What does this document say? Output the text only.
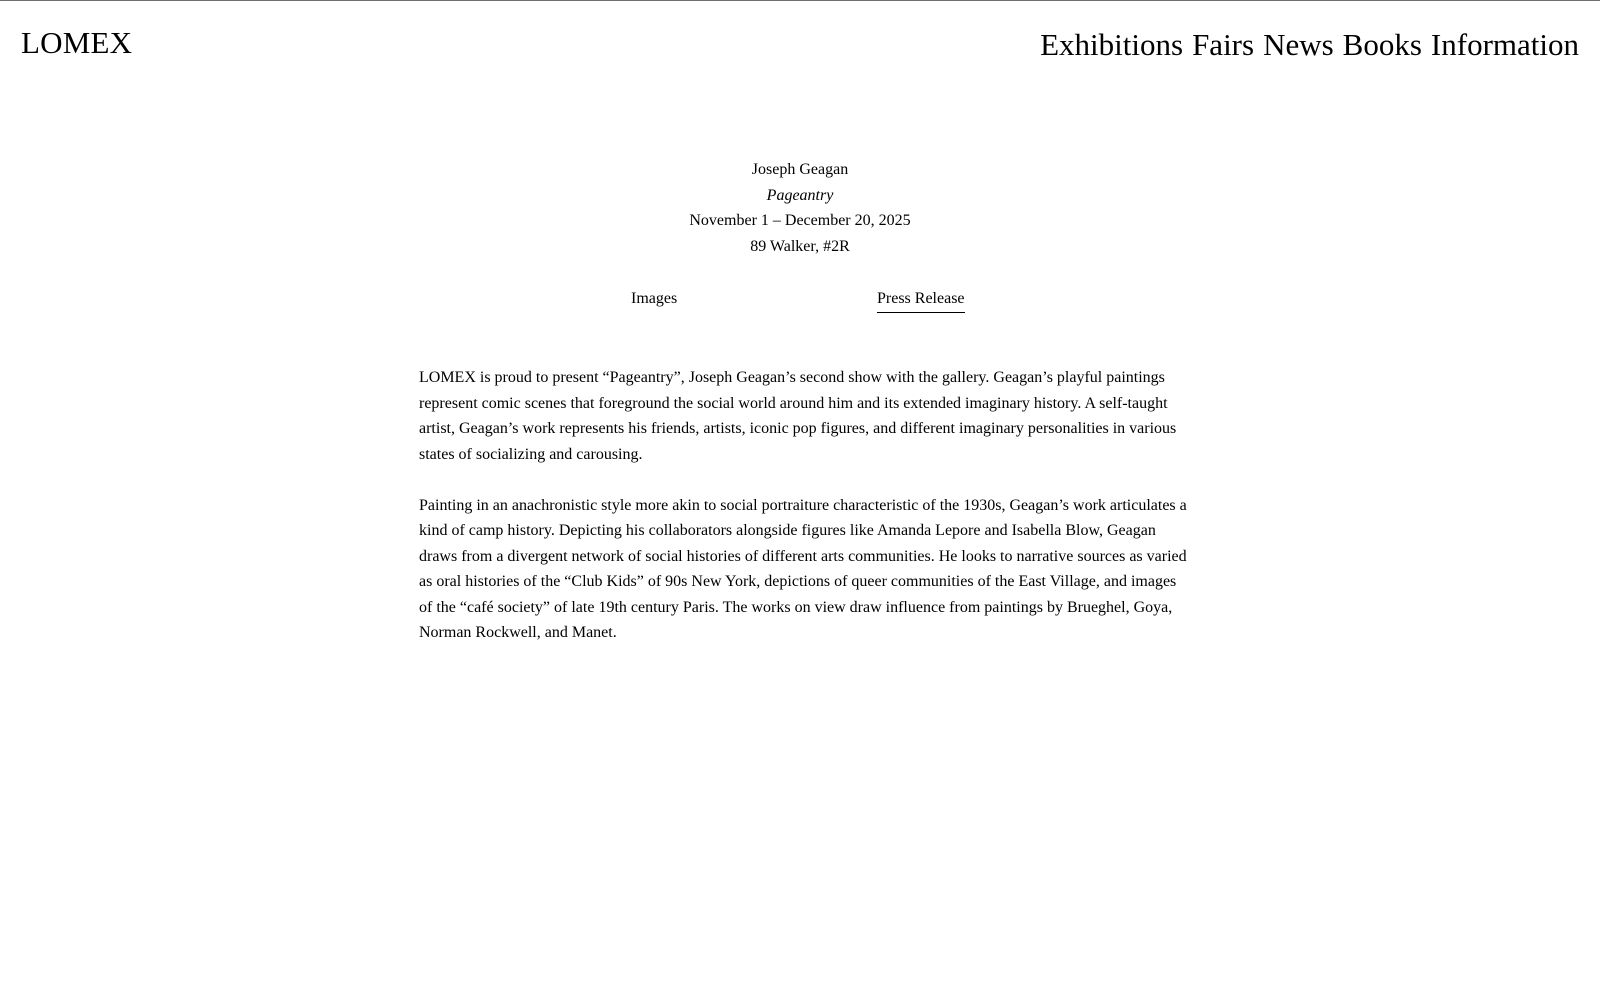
LOMEX	Exhibitions Fairs News Books Information
Joseph Geagan
Pageantry
November 1 – December 20, 2025
89 Walker, #2R
Images	Press Release

LOMEX is proud to present “Pageantry”, Joseph Geagan’s second show with the gallery. Geagan’s playful paintings represent comic scenes that foreground the social world around him and its extended imaginary history. A self-taught artist, Geagan’s work represents his friends, artists, iconic pop figures, and different imaginary personalities in various states of socializing and carousing.

Painting in an anachronistic style more akin to social portraiture characteristic of the 1930s, Geagan’s work articulates a kind of camp history. Depicting his collaborators alongside figures like Amanda Lepore and Isabella Blow, Geagan draws from a divergent network of social histories of different arts communities. He looks to narrative sources as varied as oral histories of the “Club Kids” of 90s New York, depictions of queer communities of the East Village, and images of the “café society” of late 19th century Paris. The works on view draw influence from paintings by Brueghel, Goya, Norman Rockwell, and Manet.
